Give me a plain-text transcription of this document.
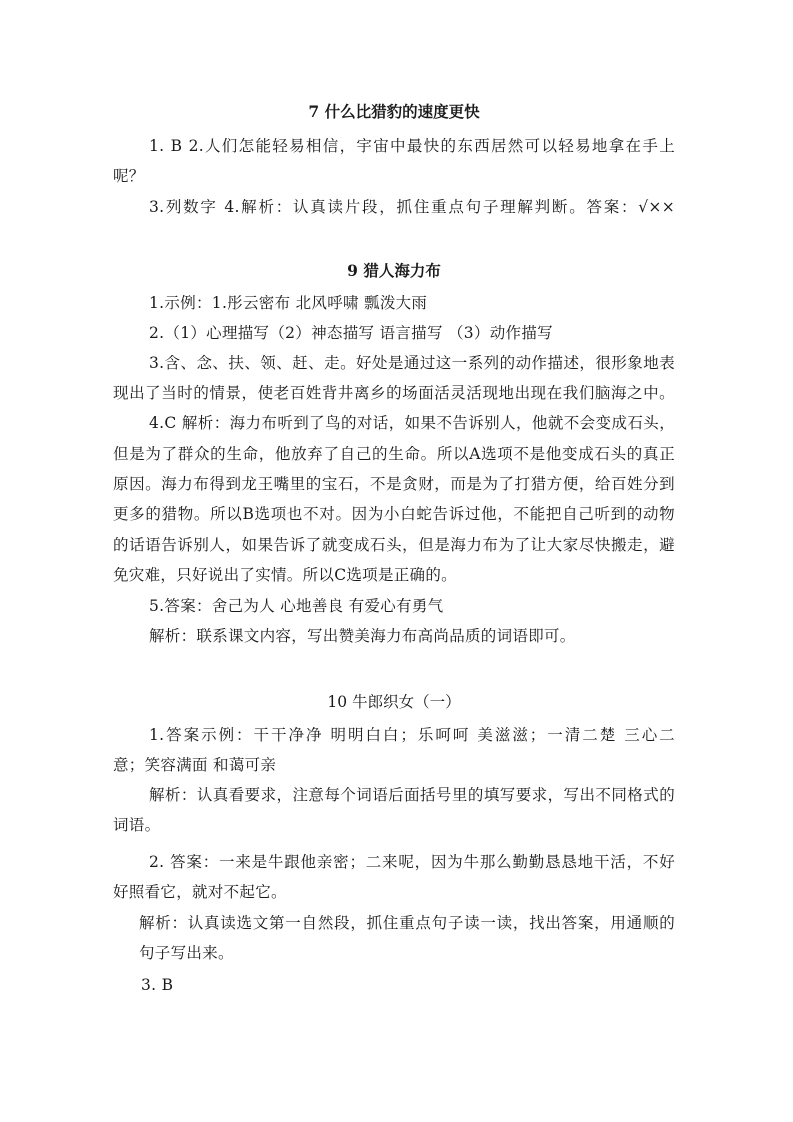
7 什么比猎豹的速度更快
1. B 2.人们怎能轻易相信，宇宙中最快的东西居然可以轻易地拿在手上
呢？
3.列数字 4.解析：认真读片段，抓住重点句子理解判断。答案：√××
9 猎人海力布
1.示例：1.彤云密布 北风呼啸 瓢泼大雨
2.（1）心理描写（2）神态描写 语言描写 （3）动作描写
3.含、念、扶、领、赶、走。好处是通过这一系列的动作描述，很形象地表
现出了当时的情景，使老百姓背井离乡的场面活灵活现地出现在我们脑海之中。
4.C 解析：海力布听到了鸟的对话，如果不告诉别人，他就不会变成石头，
但是为了群众的生命，他放弃了自己的生命。所以A选项不是他变成石头的真正
原因。海力布得到龙王嘴里的宝石，不是贪财，而是为了打猎方便，给百姓分到
更多的猎物。所以B选项也不对。因为小白蛇告诉过他，不能把自己听到的动物
的话语告诉别人，如果告诉了就变成石头，但是海力布为了让大家尽快搬走，避
免灾难，只好说出了实情。所以C选项是正确的。
5.答案：舍己为人 心地善良 有爱心有勇气
解析：联系课文内容，写出赞美海力布高尚品质的词语即可。
10 牛郎织女（一）
1.答案示例：干干净净 明明白白；乐呵呵 美滋滋；一清二楚 三心二
意；笑容满面 和蔼可亲
解析：认真看要求，注意每个词语后面括号里的填写要求，写出不同格式的
词语。
2. 答案：一来是牛跟他亲密；二来呢，因为牛那么勤勤恳恳地干活，不好
好照看它，就对不起它。
解析：认真读选文第一自然段，抓住重点句子读一读，找出答案，用通顺的
句子写出来。
3. B
